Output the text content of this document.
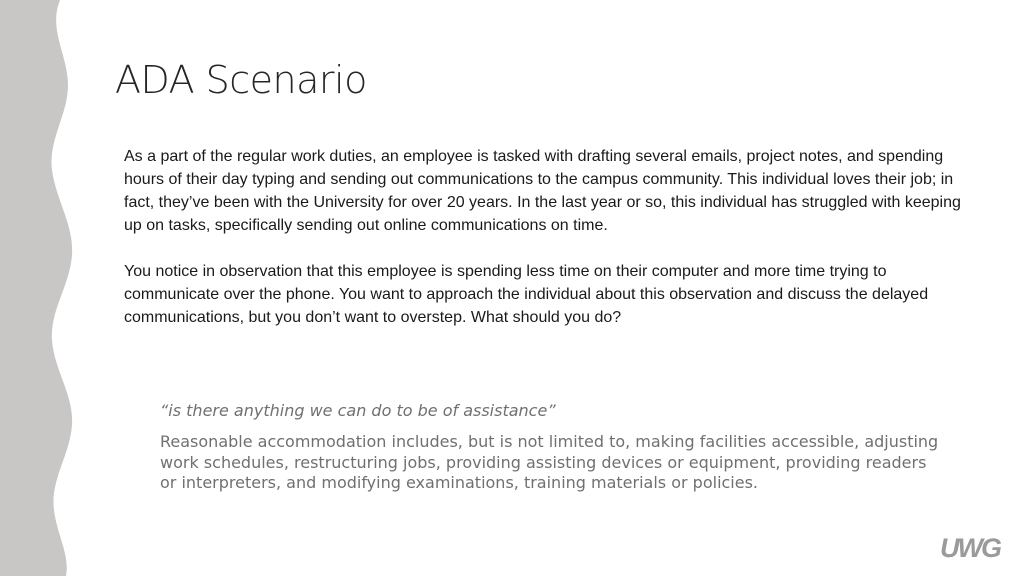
ADA Scenario

As a part of the regular work duties, an employee is tasked with drafting several emails, project notes, and spending hours of their day typing and sending out communications to the campus community. This individual loves their job; in fact, they’ve been with the University for over 20 years. In the last year or so, this individual has struggled with keeping up on tasks, specifically sending out online communications on time.

You notice in observation that this employee is spending less time on their computer and more time trying to communicate over the phone. You want to approach the individual about this observation and discuss the delayed communications, but you don’t want to overstep. What should you do?

“is there anything we can do to be of assistance”

Reasonable accommodation includes, but is not limited to, making facilities accessible, adjusting work schedules, restructuring jobs, providing assisting devices or equipment, providing readers or interpreters, and modifying examinations, training materials or policies.

UWG
